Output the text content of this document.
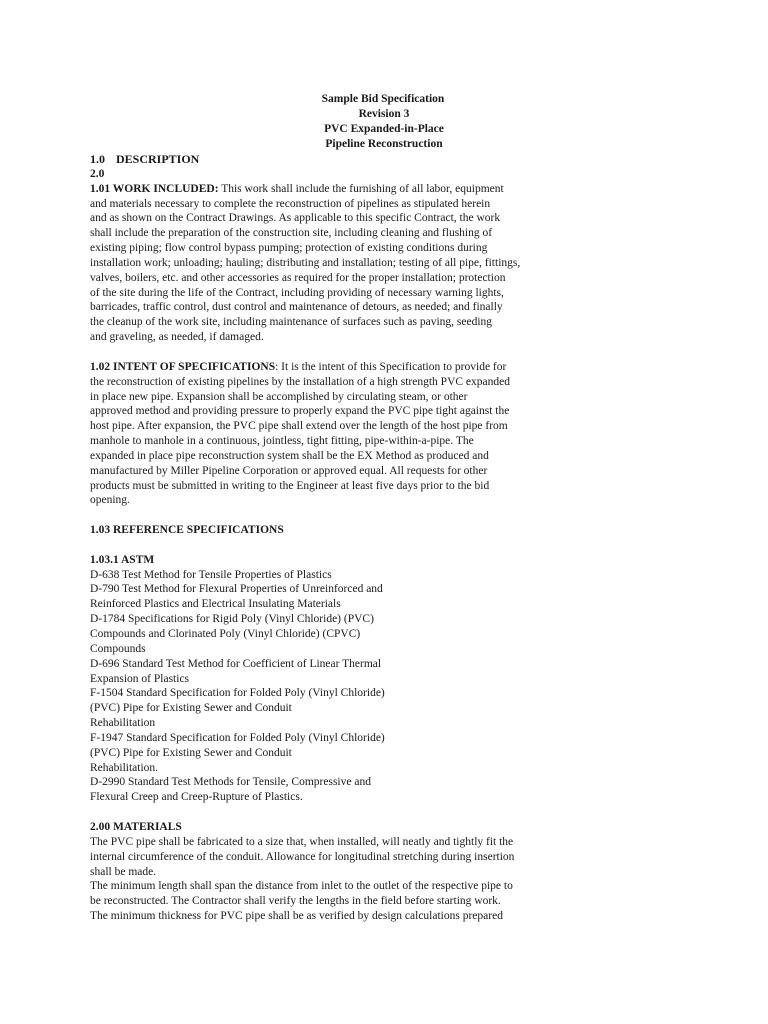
Sample Bid Specification
Revision 3
PVC Expanded-in-Place
Pipeline Reconstruction
1.0 DESCRIPTION
2.0
1.01 WORK INCLUDED: This work shall include the furnishing of all labor, equipment
and materials necessary to complete the reconstruction of pipelines as stipulated herein
and as shown on the Contract Drawings. As applicable to this specific Contract, the work
shall include the preparation of the construction site, including cleaning and flushing of
existing piping; flow control bypass pumping; protection of existing conditions during
installation work; unloading; hauling; distributing and installation; testing of all pipe, fittings,
valves, boilers, etc. and other accessories as required for the proper installation; protection
of the site during the life of the Contract, including providing of necessary warning lights,
barricades, traffic control, dust control and maintenance of detours, as needed; and finally
the cleanup of the work site, including maintenance of surfaces such as paving, seeding
and graveling, as needed, if damaged.
1.02 INTENT OF SPECIFICATIONS: It is the intent of this Specification to provide for
the reconstruction of existing pipelines by the installation of a high strength PVC expanded
in place new pipe. Expansion shall be accomplished by circulating steam, or other
approved method and providing pressure to properly expand the PVC pipe tight against the
host pipe. After expansion, the PVC pipe shall extend over the length of the host pipe from
manhole to manhole in a continuous, jointless, tight fitting, pipe-within-a-pipe. The
expanded in place pipe reconstruction system shall be the EX Method as produced and
manufactured by Miller Pipeline Corporation or approved equal. All requests for other
products must be submitted in writing to the Engineer at least five days prior to the bid
opening.
1.03 REFERENCE SPECIFICATIONS
1.03.1 ASTM
D-638 Test Method for Tensile Properties of Plastics
D-790 Test Method for Flexural Properties of Unreinforced and
Reinforced Plastics and Electrical Insulating Materials
D-1784 Specifications for Rigid Poly (Vinyl Chloride) (PVC)
Compounds and Clorinated Poly (Vinyl Chloride) (CPVC)
Compounds
D-696 Standard Test Method for Coefficient of Linear Thermal
Expansion of Plastics
F-1504 Standard Specification for Folded Poly (Vinyl Chloride)
(PVC) Pipe for Existing Sewer and Conduit
Rehabilitation
F-1947 Standard Specification for Folded Poly (Vinyl Chloride)
(PVC) Pipe for Existing Sewer and Conduit
Rehabilitation.
D-2990 Standard Test Methods for Tensile, Compressive and
Flexural Creep and Creep-Rupture of Plastics.
2.00 MATERIALS
The PVC pipe shall be fabricated to a size that, when installed, will neatly and tightly fit the
internal circumference of the conduit. Allowance for longitudinal stretching during insertion
shall be made.
The minimum length shall span the distance from inlet to the outlet of the respective pipe to
be reconstructed. The Contractor shall verify the lengths in the field before starting work.
The minimum thickness for PVC pipe shall be as verified by design calculations prepared
